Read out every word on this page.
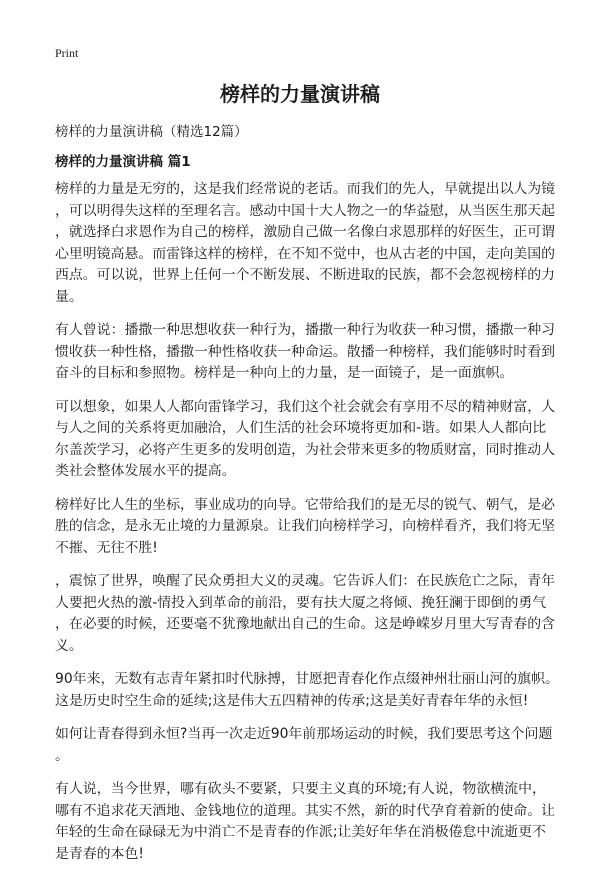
Print
榜样的力量演讲稿
榜样的力量演讲稿（精选12篇）
榜样的力量演讲稿 篇1
榜样的力量是无穷的，这是我们经常说的老话。而我们的先人，早就提出以人为镜
，可以明得失这样的至理名言。感动中国十大人物之一的华益慰，从当医生那天起
，就选择白求恩作为自己的榜样，激励自己做一名像白求恩那样的好医生，正可谓
心里明镜高悬。而雷锋这样的榜样，在不知不觉中，也从古老的中国，走向美国的
西点。可以说，世界上任何一个不断发展、不断进取的民族，都不会忽视榜样的力
量。
有人曾说：播撒一种思想收获一种行为，播撒一种行为收获一种习惯，播撒一种习
惯收获一种性格，播撒一种性格收获一种命运。散播一种榜样，我们能够时时看到
奋斗的目标和参照物。榜样是一种向上的力量，是一面镜子，是一面旗帜。
可以想象，如果人人都向雷锋学习，我们这个社会就会有享用不尽的精神财富，人
与人之间的关系将更加融洽，人们生活的社会环境将更加和-谐。如果人人都向比
尔盖茨学习，必将产生更多的发明创造，为社会带来更多的物质财富，同时推动人
类社会整体发展水平的提高。
榜样好比人生的坐标，事业成功的向导。它带给我们的是无尽的锐气、朝气，是必
胜的信念，是永无止境的力量源泉。让我们向榜样学习，向榜样看齐，我们将无坚
不摧、无往不胜!
，震惊了世界，唤醒了民众勇担大义的灵魂。它告诉人们：在民族危亡之际，青年
人要把火热的激-情投入到革命的前沿，要有扶大厦之将倾、挽狂澜于即倒的勇气
，在必要的时候，还要毫不犹豫地献出自己的生命。这是峥嵘岁月里大写青春的含
义。
90年来，无数有志青年紧扣时代脉搏，甘愿把青春化作点缀神州壮丽山河的旗帜。
这是历史时空生命的延续;这是伟大五四精神的传承;这是美好青春年华的永恒!
如何让青春得到永恒?当再一次走近90年前那场运动的时候，我们要思考这个问题
。
有人说，当今世界，哪有砍头不要紧，只要主义真的环境;有人说，物欲横流中，
哪有不追求花天酒地、金钱地位的道理。其实不然，新的时代孕育着新的使命。让
年轻的生命在碌碌无为中消亡不是青春的作派;让美好年华在消极倦怠中流逝更不
是青春的本色!
